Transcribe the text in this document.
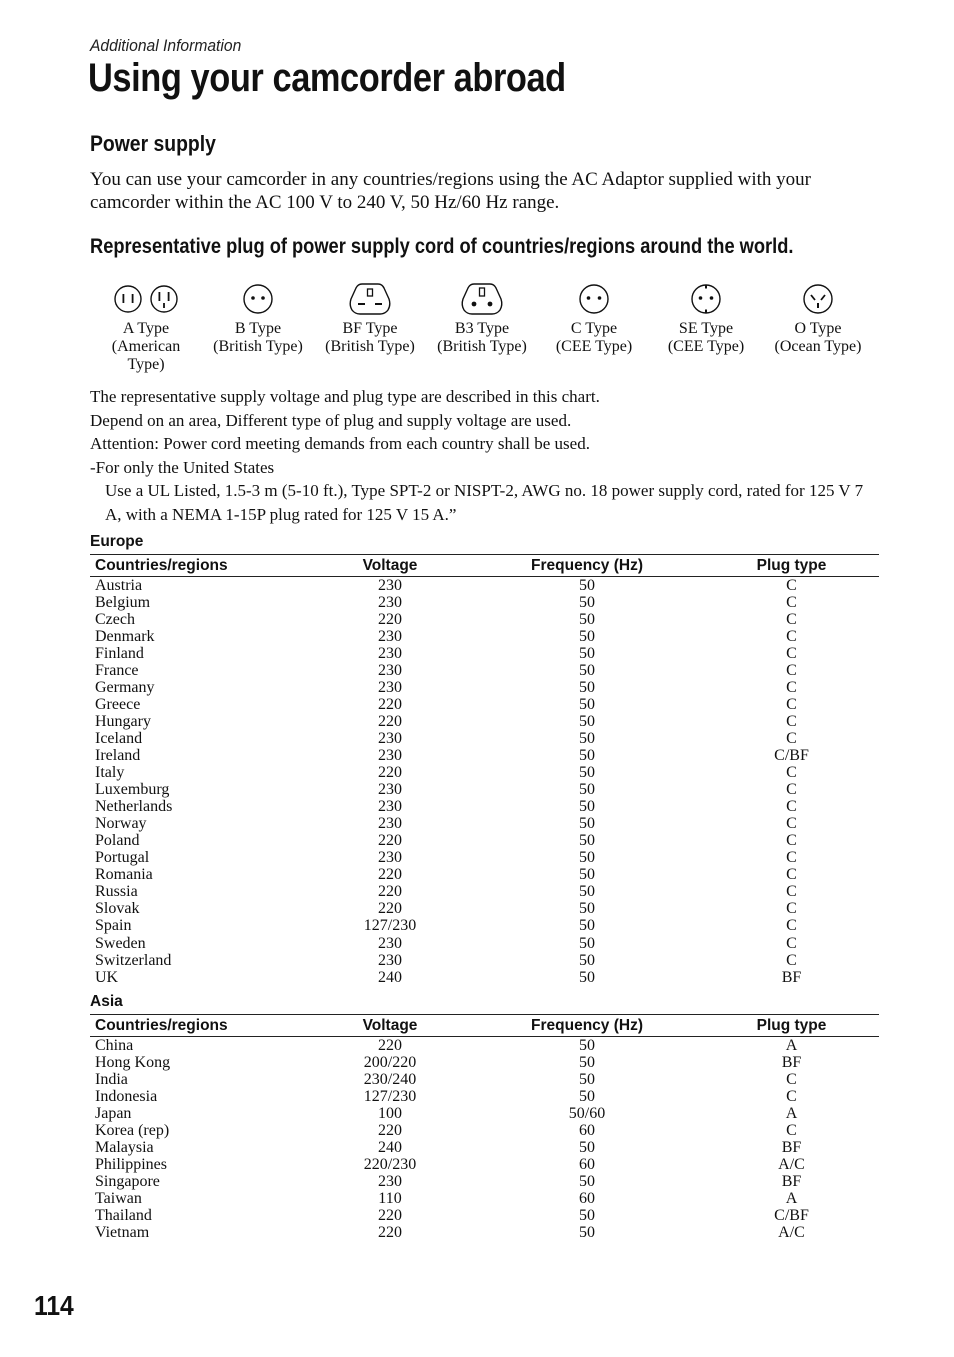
Additional Information
Using your camcorder abroad
Power supply

You can use your camcorder in any countries/regions using the AC Adaptor supplied with your camcorder within the AC 100 V to 240 V, 50 Hz/60 Hz range.

Representative plug of power supply cord of countries/regions around the world.
A Type
(American
Type)
B Type
(British Type)
BF Type
(British Type)
B3 Type
(British Type)
C Type
(CEE Type)
SE Type
(CEE Type)
O Type
(Ocean Type)
The representative supply voltage and plug type are described in this chart.
Depend on an area, Different type of plug and supply voltage are used.
Attention: Power cord meeting demands from each country shall be used.
-For only the United States
Use a UL Listed, 1.5-3 m (5-10 ft.), Type SPT-2 or NISPT-2, AWG no. 18 power supply cord, rated for 125 V 7 A, with a NEMA 1-15P plug rated for 125 V 15 A.”
Europe
Countries/regions	Voltage	Frequency (Hz)	Plug type
Austria	230	50	C
Belgium	230	50	C
Czech	220	50	C
Denmark	230	50	C
Finland	230	50	C
France	230	50	C
Germany	230	50	C
Greece	220	50	C
Hungary	220	50	C
Iceland	230	50	C
Ireland	230	50	C/BF
Italy	220	50	C
Luxemburg	230	50	C
Netherlands	230	50	C
Norway	230	50	C
Poland	220	50	C
Portugal	230	50	C
Romania	220	50	C
Russia	220	50	C
Slovak	220	50	C
Spain	127/230	50	C
Sweden	230	50	C
Switzerland	230	50	C
UK	240	50	BF
Asia
Countries/regions	Voltage	Frequency (Hz)	Plug type
China	220	50	A
Hong Kong	200/220	50	BF
India	230/240	50	C
Indonesia	127/230	50	C
Japan	100	50/60	A
Korea (rep)	220	60	C
Malaysia	240	50	BF
Philippines	220/230	60	A/C
Singapore	230	50	BF
Taiwan	110	60	A
Thailand	220	50	C/BF
Vietnam	220	50	A/C
114
